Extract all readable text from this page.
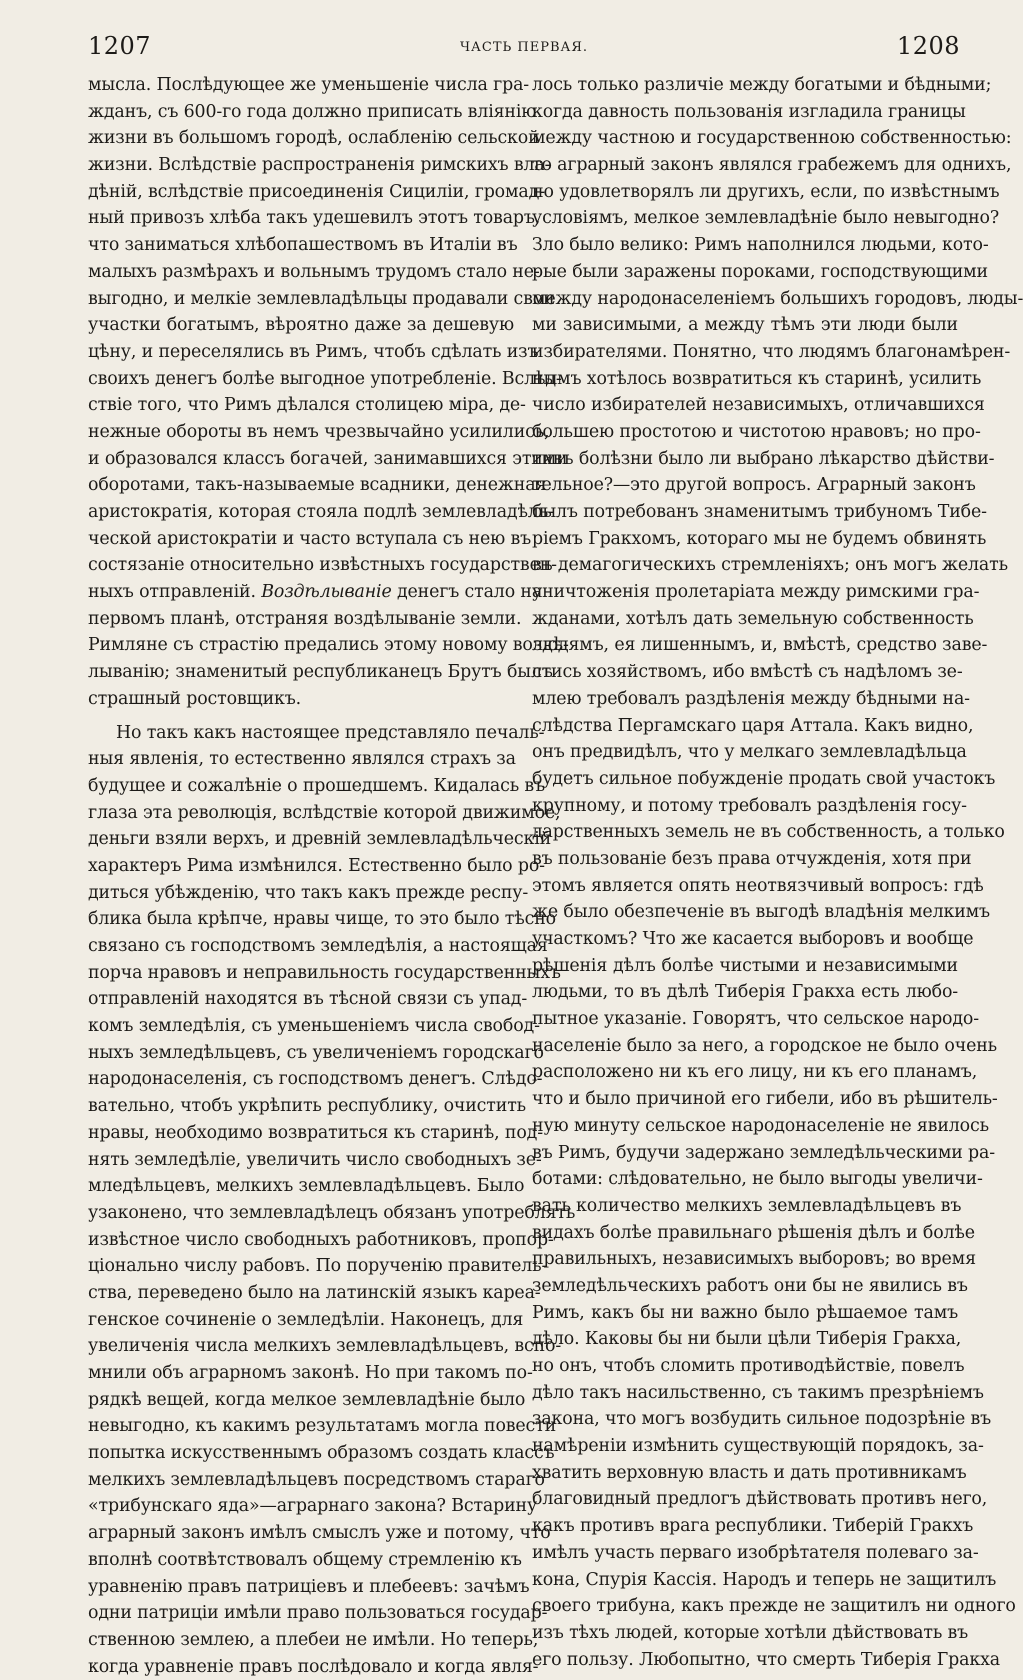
1207	ЧАСТЬ ПЕРВАЯ.	1208
мысла. Послѣдующее же уменьшеніе числа гра-
жданъ, съ 600-го года должно приписать вліянію
жизни въ большомъ городѣ, ослабленію сельской
жизни. Вслѣдствіе распространенія римскихъ вла-
дѣній, вслѣдствіе присоединенія Сициліи, громад-
ный привозъ хлѣба такъ удешевилъ этотъ товаръ,
что заниматься хлѣбопашествомъ въ Италіи въ
малыхъ размѣрахъ и вольнымъ трудомъ стало не-
выгодно, и мелкіе землевладѣльцы продавали свои
участки богатымъ, вѣроятно даже за дешевую
цѣну, и переселялись въ Римъ, чтобъ сдѣлать изъ
своихъ денегъ болѣе выгодное употребленіе. Вслѣд-
ствіе того, что Римъ дѣлался столицею міра, де-
нежные обороты въ немъ чрезвычайно усилились,
и образовался классъ богачей, занимавшихся этими
оборотами, такъ-называемые всадники, денежная
аристократія, которая стояла подлѣ землевладѣль-
ческой аристократіи и часто вступала съ нею въ
состязаніе относительно извѣстныхъ государствен-
ныхъ отправленій. Воздѣлываніе денегъ стало на
первомъ планѣ, отстраняя воздѣлываніе земли.
Римляне съ страстію предались этому новому воздѣ-
лыванію; знаменитый республиканецъ Брутъ былъ
страшный ростовщикъ.
Но такъ какъ настоящее представляло печаль-
ныя явленія, то естественно являлся страхъ за
будущее и сожалѣніе о прошедшемъ. Кидалась въ
глаза эта революція, вслѣдствіе которой движимое,
деньги взяли верхъ, и древній землевладѣльческій
характеръ Рима измѣнился. Естественно было ро-
диться убѣжденію, что такъ какъ прежде респу-
блика была крѣпче, нравы чище, то это было тѣсно
связано съ господствомъ земледѣлія, а настоящая
порча нравовъ и неправильность государственныхъ
отправленій находятся въ тѣсной связи съ упад-
комъ земледѣлія, съ уменьшеніемъ числа свобод-
ныхъ земледѣльцевъ, съ увеличеніемъ городскаго
народонаселенія, съ господствомъ денегъ. Слѣдо-
вательно, чтобъ укрѣпить республику, очистить
нравы, необходимо возвратиться къ старинѣ, под-
нять земледѣліе, увеличить число свободныхъ зе-
мледѣльцевъ, мелкихъ землевладѣльцевъ. Было
узаконено, что землевладѣлецъ обязанъ употреблять
извѣстное число свободныхъ работниковъ, пропор-
ціонально числу рабовъ. По порученію правитель-
ства, переведено было на латинскій языкъ кареа-
генское сочиненіе о земледѣліи. Наконецъ, для
увеличенія числа мелкихъ землевладѣльцевъ, вспо-
мнили объ аграрномъ законѣ. Но при такомъ по-
рядкѣ вещей, когда мелкое землевладѣніе было
невыгодно, къ какимъ результатамъ могла повести
попытка искусственнымъ образомъ создать классъ
мелкихъ землевладѣльцевъ посредствомъ стараго
«трибунскаго яда»—аграрнаго закона? Встарину
аграрный законъ имѣлъ смыслъ уже и потому, что
вполнѣ соотвѣтствовалъ общему стремленію къ
уравненію правъ патриціевъ и плебеевъ: зачѣмъ
одни патриціи имѣли право пользоваться государ-
ственною землею, а плебеи не имѣли. Но теперь,
когда уравненіе правъ послѣдовало и когда явля-
лось только различіе между богатыми и бѣдными;
когда давность пользованія изгладила границы
между частною и государственною собственностью:
то аграрный законъ являлся грабежемъ для однихъ,
но удовлетворялъ ли другихъ, если, по извѣстнымъ
условіямъ, мелкое землевладѣніе было невыгодно?
Зло было велико: Римъ наполнился людьми, кото-
рые были заражены пороками, господствующими
между народонаселеніемъ большихъ городовъ, люды-
ми зависимыми, а между тѣмъ эти люди были
избирателями. Понятно, что людямъ благонамѣрен-
нымъ хотѣлось возвратиться къ старинѣ, усилить
число избирателей независимыхъ, отличавшихся
большею простотою и чистотою нравовъ; но про-
тивъ болѣзни было ли выбрано лѣкарство дѣйстви-
тельное?—это другой вопросъ. Аграрный законъ
былъ потребованъ знаменитымъ трибуномъ Тибе-
ріемъ Гракхомъ, котораго мы не будемъ обвинять
въ демагогическихъ стремленіяхъ; онъ могъ желать
уничтоженія пролетаріата между римскими гра-
жданами, хотѣлъ дать земельную собственность
людямъ, ея лишеннымъ, и, вмѣстѣ, средство заве-
стись хозяйствомъ, ибо вмѣстѣ съ надѣломъ зе-
млею требовалъ раздѣленія между бѣдными на-
слѣдства Пергамскаго царя Аттала. Какъ видно,
онъ предвидѣлъ, что у мелкаго землевладѣльца
будетъ сильное побужденіе продать свой участокъ
крупному, и потому требовалъ раздѣленія госу-
дарственныхъ земель не въ собственность, а только
въ пользованіе безъ права отчужденія, хотя при
этомъ является опять неотвязчивый вопросъ: гдѣ
же было обезпеченіе въ выгодѣ владѣнія мелкимъ
участкомъ? Что же касается выборовъ и вообще
рѣшенія дѣлъ болѣе чистыми и независимыми
людьми, то въ дѣлѣ Тиберія Гракха есть любо-
пытное указаніе. Говорятъ, что сельское народо-
населеніе было за него, а городское не было очень
расположено ни къ его лицу, ни къ его планамъ,
что и было причиной его гибели, ибо въ рѣшитель-
ную минуту сельское народонаселеніе не явилось
въ Римъ, будучи задержано земледѣльческими ра-
ботами: слѣдовательно, не было выгоды увеличи-
вать количество мелкихъ землевладѣльцевъ въ
видахъ болѣе правильнаго рѣшенія дѣлъ и болѣе
правильныхъ, независимыхъ выборовъ; во время
земледѣльческихъ работъ они бы не явились въ
Римъ, какъ бы ни важно было рѣшаемое тамъ
дѣло. Каковы бы ни были цѣли Тиберія Гракха,
но онъ, чтобъ сломить противодѣйствіе, повелъ
дѣло такъ насильственно, съ такимъ презрѣніемъ
закона, что могъ возбудить сильное подозрѣніе въ
намѣреніи измѣнить существующій порядокъ, за-
хватить верховную власть и дать противникамъ
благовидный предлогъ дѣйствовать противъ него,
какъ противъ врага республики. Тиберій Гракхъ
имѣлъ участь перваго изобрѣтателя полеваго за-
кона, Спурія Кассія. Народъ и теперь не защитилъ
своего трибуна, какъ прежде не защитилъ ни одного
изъ тѣхъ людей, которые хотѣли дѣйствовать въ
его пользу. Любопытно, что смерть Тиберія Гракха
